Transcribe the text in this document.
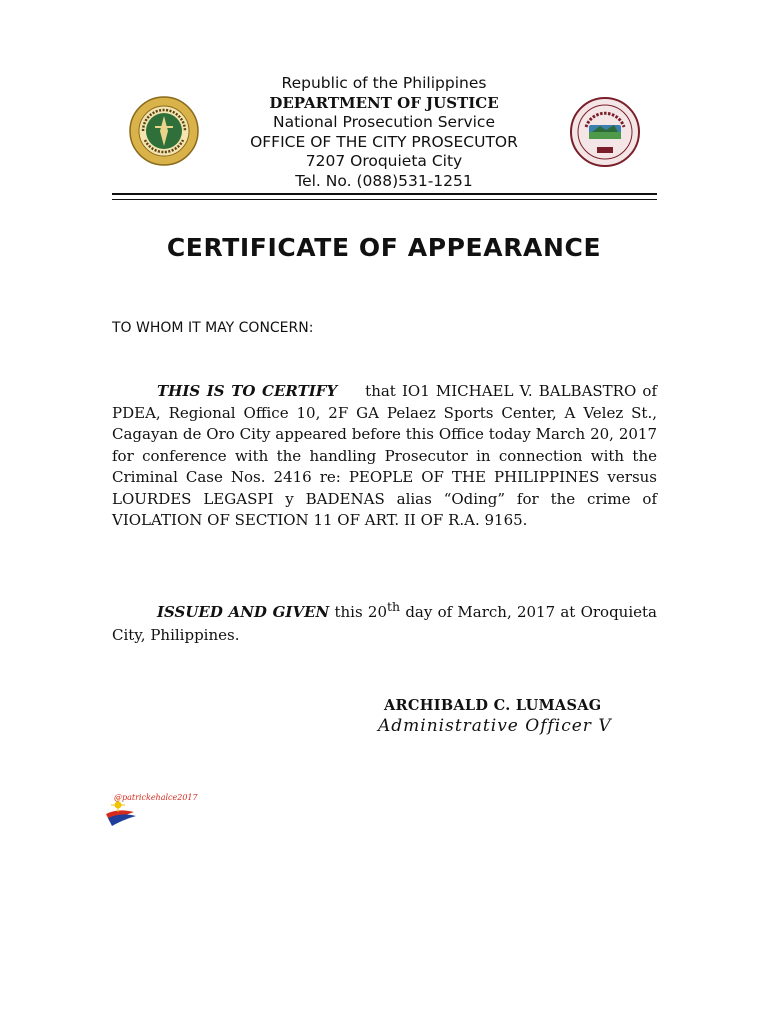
Republic of the Philippines
DEPARTMENT OF JUSTICE
National Prosecution Service
OFFICE OF THE CITY PROSECUTOR
7207 Oroquieta City
Tel. No. (088)531-1251
CERTIFICATE OF APPEARANCE
TO WHOM IT MAY CONCERN:
THIS IS TO CERTIFY that IO1 MICHAEL V. BALBASTRO of PDEA, Regional Office 10, 2F GA Pelaez Sports Center, A Velez St., Cagayan de Oro City appeared before this Office today March 20, 2017 for conference with the handling Prosecutor in connection with the Criminal Case Nos. 2416 re: PEOPLE OF THE PHILIPPINES versus LOURDES LEGASPI y BADENAS alias “Oding” for the crime of VIOLATION OF SECTION 11 OF ART. II OF R.A. 9165.
ISSUED AND GIVEN this 20th day of March, 2017 at Oroquieta City, Philippines.
ARCHIBALD C. LUMASAG
Administrative Officer V
@patrickehalce2017
